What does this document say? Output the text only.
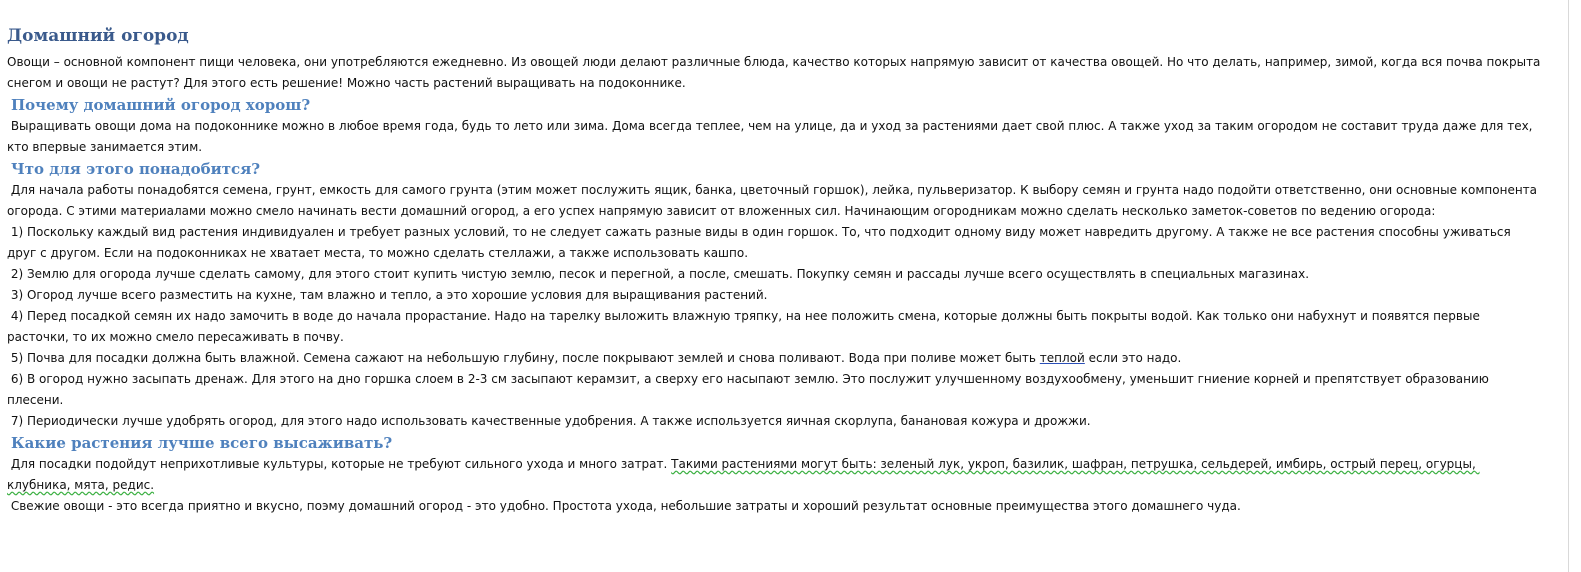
Домашний огород

Овощи – основной компонент пищи человека, они употребляются ежедневно. Из овощей люди делают различные блюда, качество которых напрямую зависит от качества овощей. Но что делать, например, зимой, когда вся почва покрыта снегом и овощи не растут? Для этого есть решение! Можно часть растений выращивать на подоконнике.

Почему домашний огород хорош?

Выращивать овощи дома на подоконнике можно в любое время года, будь то лето или зима. Дома всегда теплее, чем на улице, да и уход за растениями дает свой плюс. А также уход за таким огородом не составит труда даже для тех, кто впервые занимается этим.

Что для этого понадобится?

Для начала работы понадобятся семена, грунт, емкость для самого грунта (этим может послужить ящик, банка, цветочный горшок), лейка, пульверизатор. К выбору семян и грунта надо подойти ответственно, они основные компонента огорода. С этими материалами можно смело начинать вести домашний огород, а его успех напрямую зависит от вложенных сил. Начинающим огородникам можно сделать несколько заметок-советов по ведению огорода:

1) Поскольку каждый вид растения индивидуален и требует разных условий, то не следует сажать разные виды в один горшок. То, что подходит одному виду может навредить другому. А также не все растения способны уживаться друг с другом. Если на подоконниках не хватает места, то можно сделать стеллажи, а также использовать кашпо.

2) Землю для огорода лучше сделать самому, для этого стоит купить чистую землю, песок и перегной, а после, смешать. Покупку семян и рассады лучше всего осуществлять в специальных магазинах.

3) Огород лучше всего разместить на кухне, там влажно и тепло, а это хорошие условия для выращивания растений.

4) Перед посадкой семян их надо замочить в воде до начала прорастание. Надо на тарелку выложить влажную тряпку, на нее положить смена, которые должны быть покрыты водой. Как только они набухнут и появятся первые расточки, то их можно смело пересаживать в почву.

5) Почва для посадки должна быть влажной. Семена сажают на небольшую глубину, после покрывают землей и снова поливают. Вода при поливе может быть теплой если это надо.

6) В огород нужно засыпать дренаж. Для этого на дно горшка слоем в 2-3 см засыпают керамзит, а сверху его насыпают землю. Это послужит улучшенному воздухообмену, уменьшит гниение корней и препятствует образованию плесени.

7) Периодически лучше удобрять огород, для этого надо использовать качественные удобрения. А также используется яичная скорлупа, банановая кожура и дрожжи.

Какие растения лучше всего высаживать?

Для посадки подойдут неприхотливые культуры, которые не требуют сильного ухода и много затрат. Такими растениями могут быть: зеленый лук, укроп, базилик, шафран, петрушка, сельдерей, имбирь, острый перец, огурцы, клубника, мята, редис.

Свежие овощи - это всегда приятно и вкусно, поэму домашний огород - это удобно. Простота ухода, небольшие затраты и хороший результат основные преимущества этого домашнего чуда.
